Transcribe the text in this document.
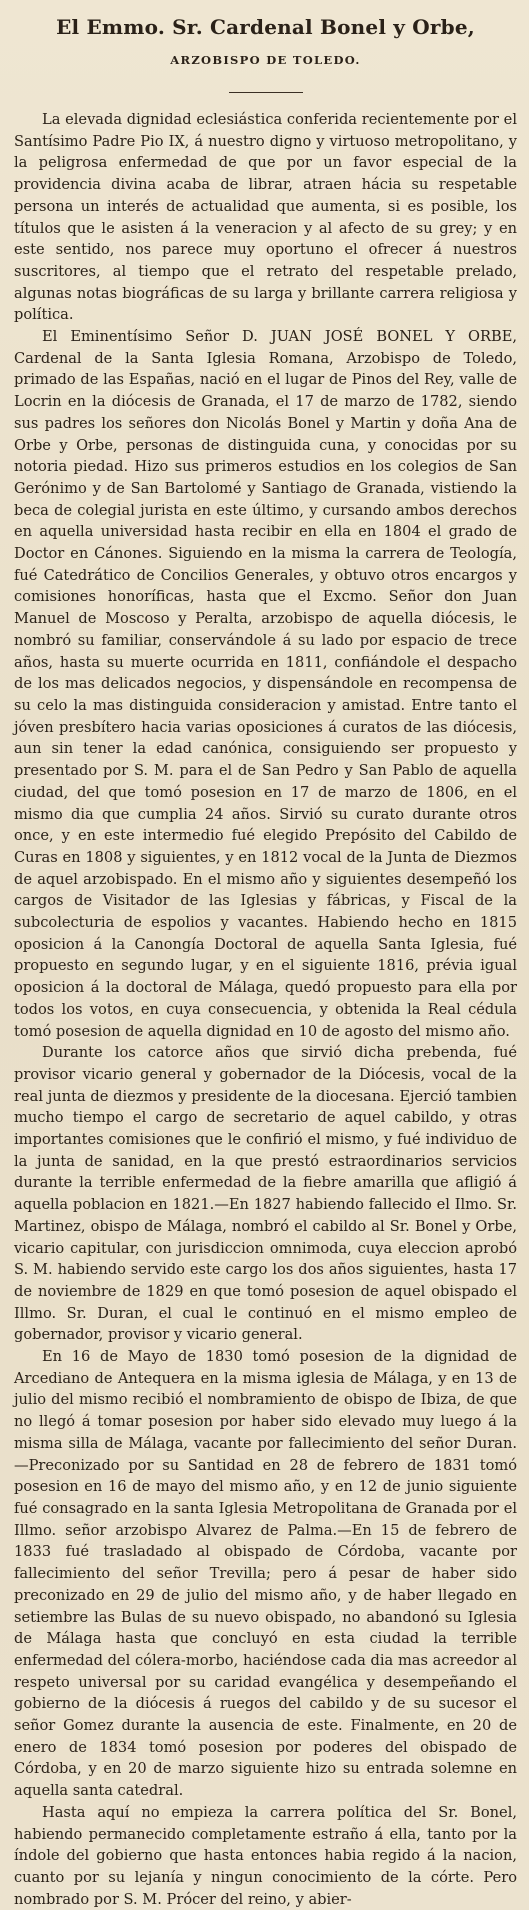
El Emmo. Sr. Cardenal Bonel y Orbe,
ARZOBISPO DE TOLEDO.

La elevada dignidad eclesiástica conferida recientemente por el Santísimo Padre Pio IX, á nuestro digno y virtuoso metropolitano, y la peligrosa enfermedad de que por un favor especial de la providencia divina acaba de librar, atraen hácia su respetable persona un interés de actualidad que aumenta, si es posible, los títulos que le asisten á la veneracion y al afecto de su grey; y en este sentido, nos parece muy oportuno el ofrecer á nuestros suscritores, al tiempo que el retrato del respetable prelado, algunas notas biográficas de su larga y brillante carrera religiosa y política.

El Eminentísimo Señor D. JUAN JOSÉ BONEL Y ORBE, Cardenal de la Santa Iglesia Romana, Arzobispo de Toledo, primado de las Españas, nació en el lugar de Pinos del Rey, valle de Locrin en la diócesis de Granada, el 17 de marzo de 1782, siendo sus padres los señores don Nicolás Bonel y Martin y doña Ana de Orbe y Orbe, personas de distinguida cuna, y conocidas por su notoria piedad. Hizo sus primeros estudios en los colegios de San Gerónimo y de San Bartolomé y Santiago de Granada, vistiendo la beca de colegial jurista en este último, y cursando ambos derechos en aquella universidad hasta recibir en ella en 1804 el grado de Doctor en Cánones. Siguiendo en la misma la carrera de Teología, fué Catedrático de Concilios Generales, y obtuvo otros encargos y comisiones honoríficas, hasta que el Excmo. Señor don Juan Manuel de Moscoso y Peralta, arzobispo de aquella diócesis, le nombró su familiar, conservándole á su lado por espacio de trece años, hasta su muerte ocurrida en 1811, confiándole el despacho de los mas delicados negocios, y dispensándole en recompensa de su celo la mas distinguida consideracion y amistad. Entre tanto el jóven presbítero hacia varias oposiciones á curatos de las diócesis, aun sin tener la edad canónica, consiguiendo ser propuesto y presentado por S. M. para el de San Pedro y San Pablo de aquella ciudad, del que tomó posesion en 17 de marzo de 1806, en el mismo dia que cumplia 24 años. Sirvió su curato durante otros once, y en este intermedio fué elegido Prepósito del Cabildo de Curas en 1808 y siguientes, y en 1812 vocal de la Junta de Diezmos de aquel arzobispado. En el mismo año y siguientes desempeñó los cargos de Visitador de las Iglesias y fábricas, y Fiscal de la subcolecturia de espolios y vacantes. Habiendo hecho en 1815 oposicion á la Canongía Doctoral de aquella Santa Iglesia, fué propuesto en segundo lugar, y en el siguiente 1816, prévia igual oposicion á la doctoral de Málaga, quedó propuesto para ella por todos los votos, en cuya consecuencia, y obtenida la Real cédula tomó posesion de aquella dignidad en 10 de agosto del mismo año.

Durante los catorce años que sirvió dicha prebenda, fué provisor vicario general y gobernador de la Diócesis, vocal de la real junta de diezmos y presidente de la diocesana. Ejerció tambien mucho tiempo el cargo de secretario de aquel cabildo, y otras importantes comisiones que le confirió el mismo, y fué individuo de la junta de sanidad, en la que prestó estraordinarios servicios durante la terrible enfermedad de la fiebre amarilla que afligió á aquella poblacion en 1821.—En 1827 habiendo fallecido el Ilmo. Sr. Martinez, obispo de Málaga, nombró el cabildo al Sr. Bonel y Orbe, vicario capitular, con jurisdiccion omnimoda, cuya eleccion aprobó S. M. habiendo servido este cargo los dos años siguientes, hasta 17 de noviembre de 1829 en que tomó posesion de aquel obispado el Illmo. Sr. Duran, el cual le continuó en el mismo empleo de gobernador, provisor y vicario general.

En 16 de Mayo de 1830 tomó posesion de la dignidad de Arcediano de Antequera en la misma iglesia de Málaga, y en 13 de julio del mismo recibió el nombramiento de obispo de Ibiza, de que no llegó á tomar posesion por haber sido elevado muy luego á la misma silla de Málaga, vacante por fallecimiento del señor Duran.—Preconizado por su Santidad en 28 de febrero de 1831 tomó posesion en 16 de mayo del mismo año, y en 12 de junio siguiente fué consagrado en la santa Iglesia Metropolitana de Granada por el Illmo. señor arzobispo Alvarez de Palma.—En 15 de febrero de 1833 fué trasladado al obispado de Córdoba, vacante por fallecimiento del señor Trevilla; pero á pesar de haber sido preconizado en 29 de julio del mismo año, y de haber llegado en setiembre las Bulas de su nuevo obispado, no abandonó su Iglesia de Málaga hasta que concluyó en esta ciudad la terrible enfermedad del cólera-morbo, haciéndose cada dia mas acreedor al respeto universal por su caridad evangélica y desempeñando el gobierno de la diócesis á ruegos del cabildo y de su sucesor el señor Gomez durante la ausencia de este. Finalmente, en 20 de enero de 1834 tomó posesion por poderes del obispado de Córdoba, y en 20 de marzo siguiente hizo su entrada solemne en aquella santa catedral.

Hasta aquí no empieza la carrera política del Sr. Bonel, habiendo permanecido completamente estraño á ella, tanto por la índole del gobierno que hasta entonces habia regido á la nacion, cuanto por su lejanía y ningun conocimiento de la córte. Pero nombrado por S. M. Prócer del reino, y abier-
